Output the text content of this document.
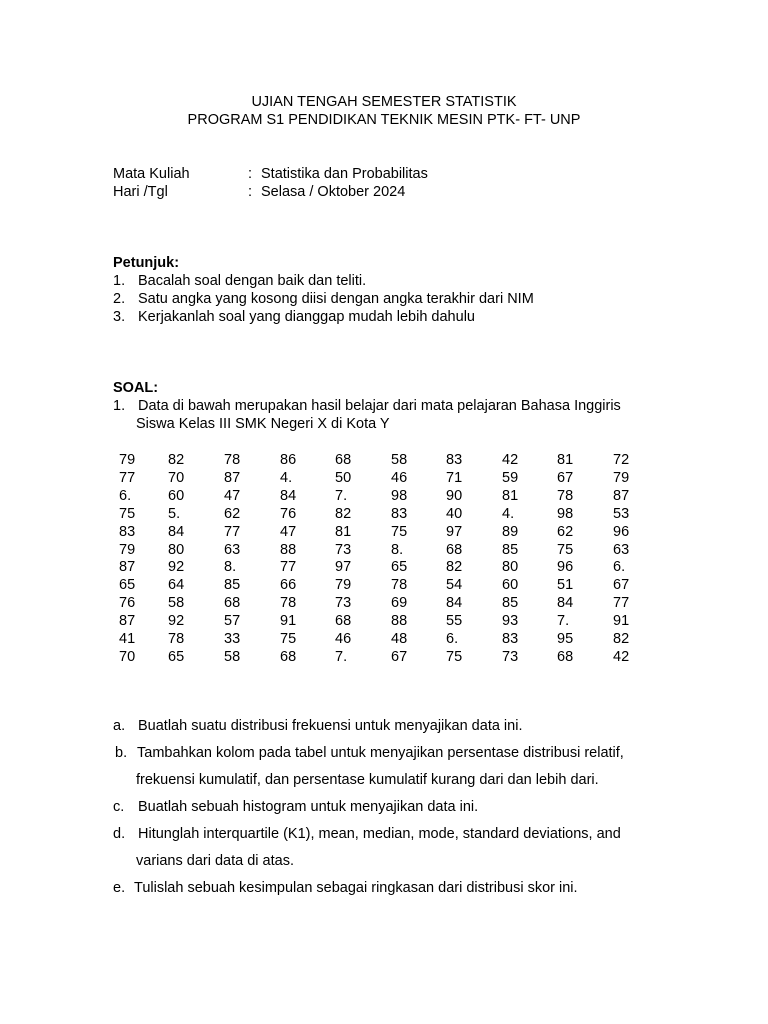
UJIAN TENGAH SEMESTER STATISTIK
PROGRAM S1 PENDIDIKAN TEKNIK MESIN PTK- FT- UNP
Mata Kuliah	: Statistika dan Probabilitas
Hari /Tgl	: Selasa / Oktober 2024
Petunjuk:
1. Bacalah soal dengan baik dan teliti.
2. Satu angka yang kosong diisi dengan angka terakhir dari NIM
3. Kerjakanlah soal yang dianggap mudah lebih dahulu
SOAL:
1. Data di bawah merupakan hasil belajar dari mata pelajaran Bahasa Inggiris
Siswa Kelas III SMK Negeri X di Kota Y
79 82	78	86	68	58	83	42	81	72
77 70	87	4.	50	46	71	59	67	79
6.	60	47	84	7.	98	90	81	78	87
75 5.	62	76	82	83	40	4.	98	53
83 84	77	47	81	75	97	89	62	96
79 80	63	88	73	8.	68	85	75	63
87 92	8.	77	97	65	82	80	96	6.
65 64	85	66	79	78	54	60	51	67
76 58	68	78	73	69	84	85	84	77
87 92	57	91	68	88	55	93	7.	91
41 78	33	75	46	48	6.	83	95	82
70 65	58	68	7.	67	75	73	68	42
a. Buatlah suatu distribusi frekuensi untuk menyajikan data ini.
b. Tambahkan kolom pada tabel untuk menyajikan persentase distribusi relatif,
frekuensi kumulatif, dan persentase kumulatif kurang dari dan lebih dari.
c. Buatlah sebuah histogram untuk menyajikan data ini.
d. Hitunglah interquartile (K1), mean, median, mode, standard deviations, and
varians dari data di atas.
e. Tulislah sebuah kesimpulan sebagai ringkasan dari distribusi skor ini.
